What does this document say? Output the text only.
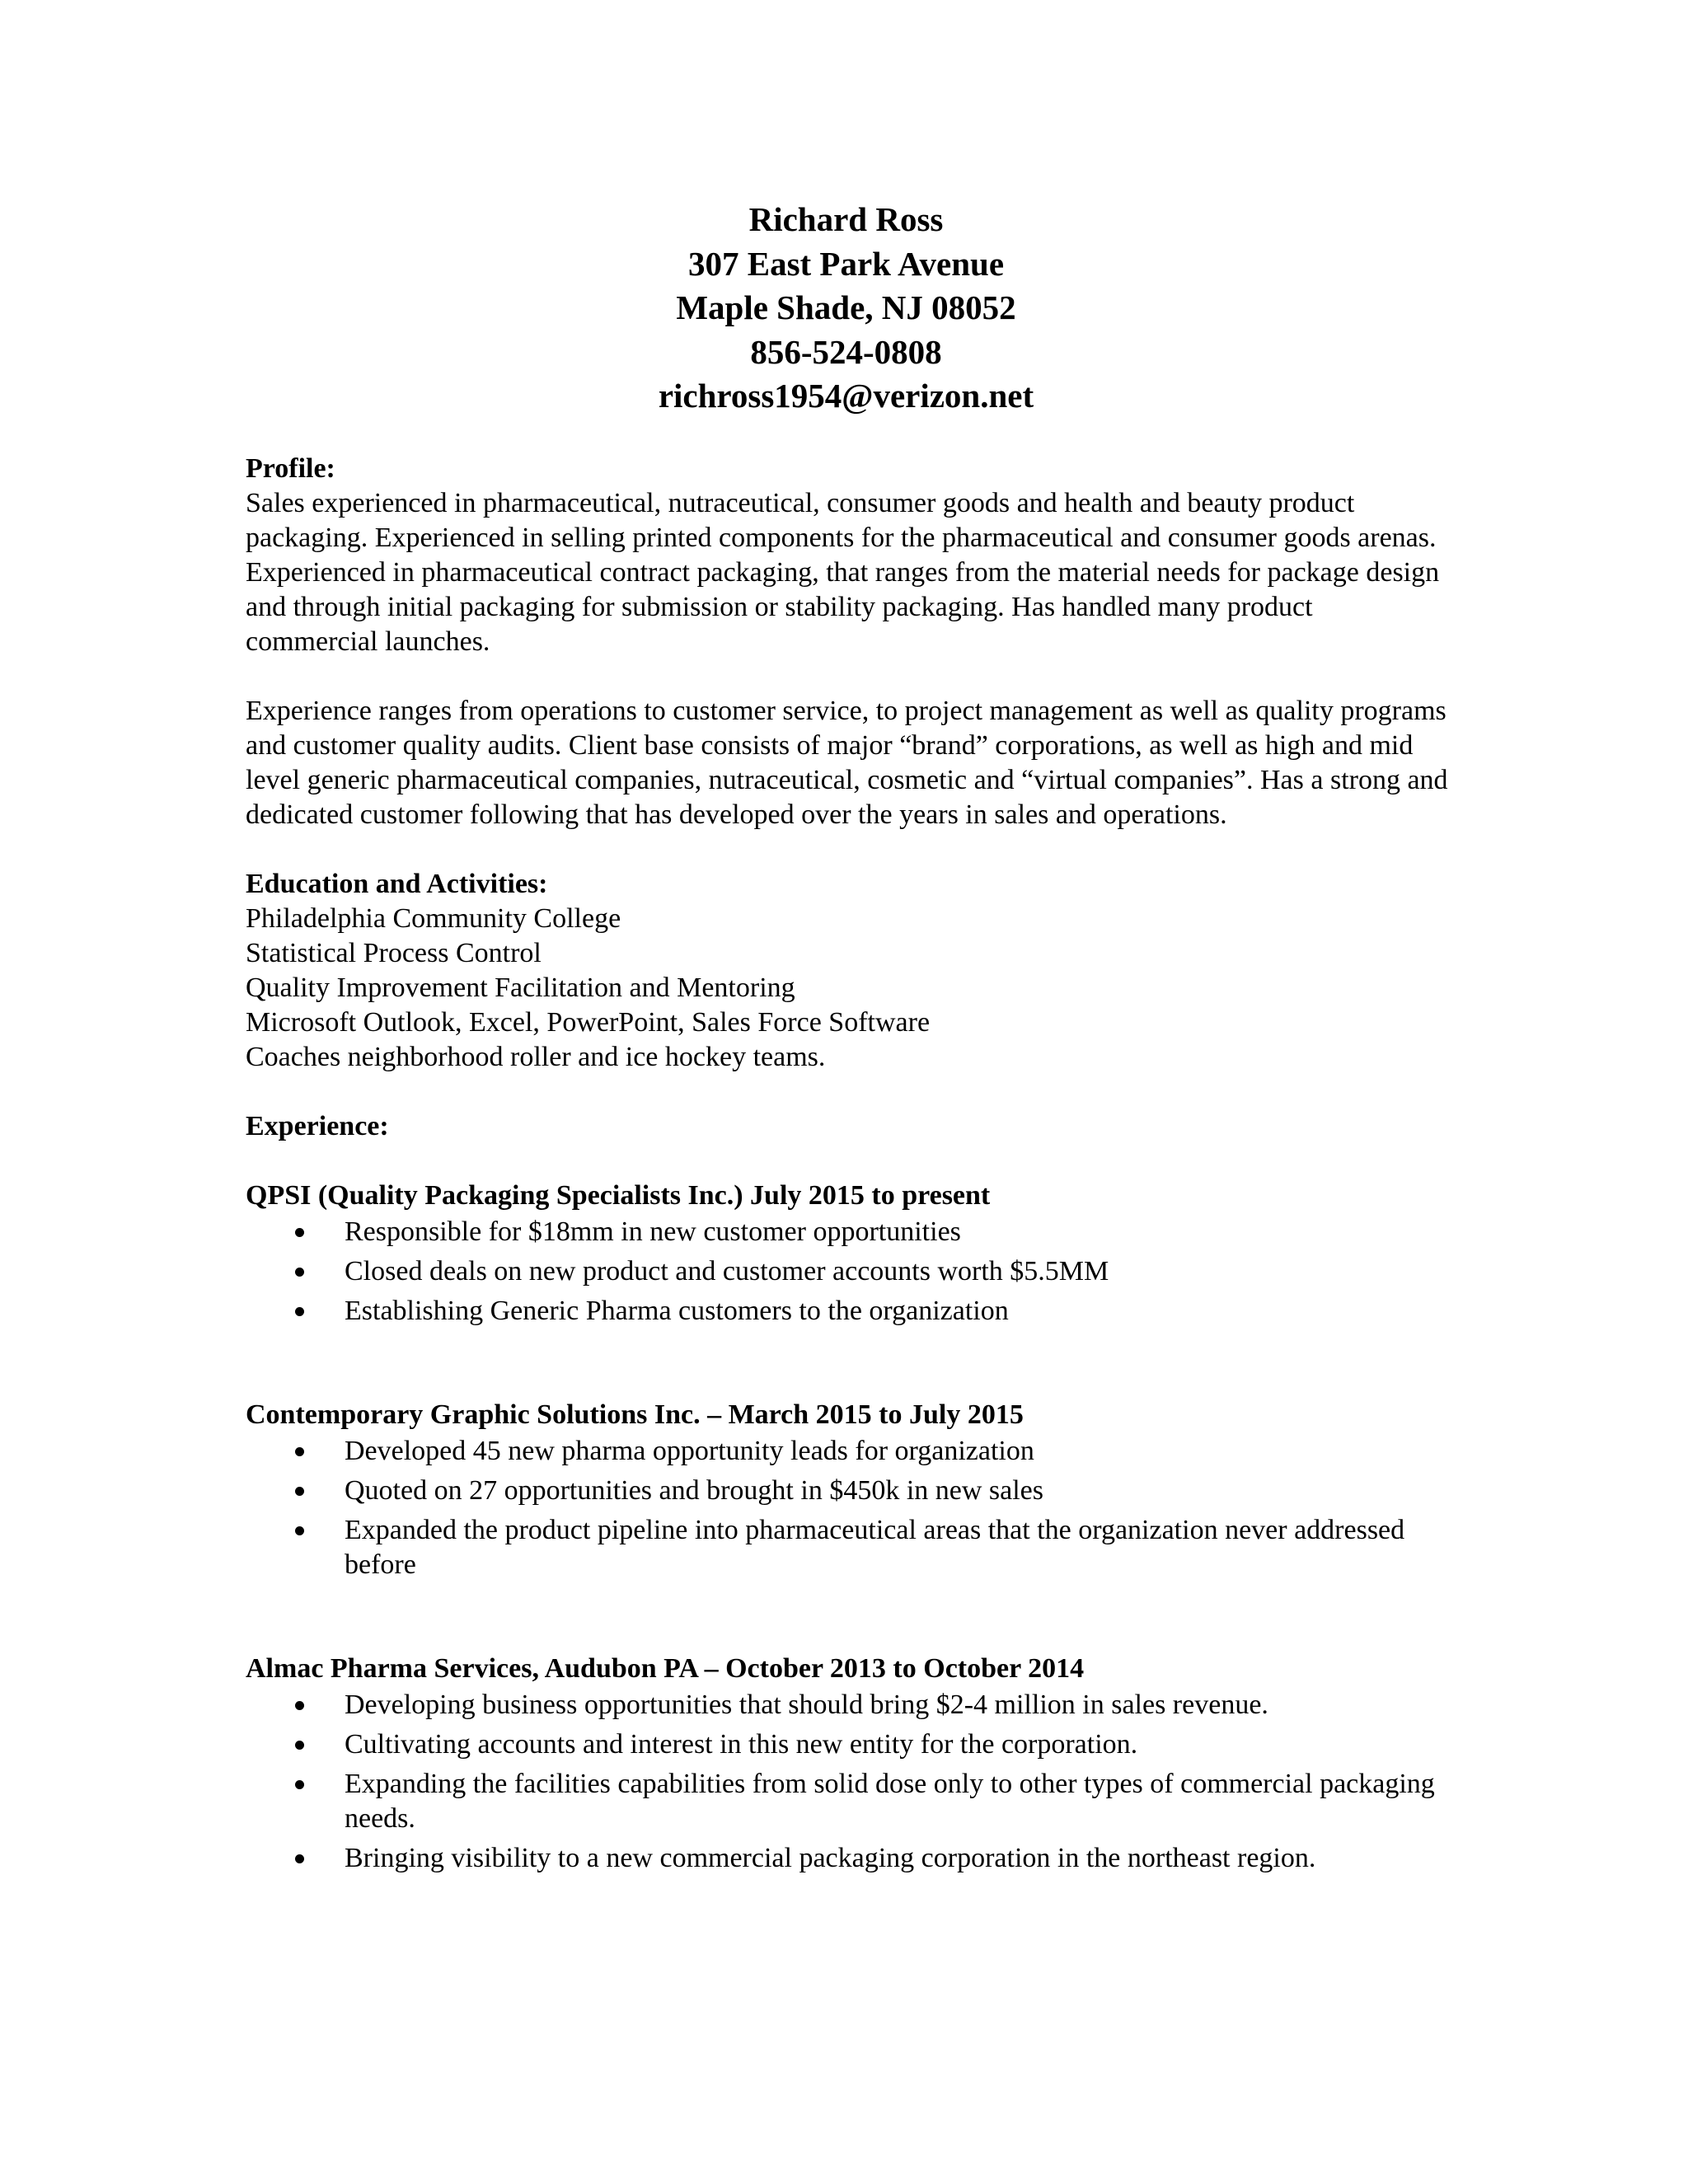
Richard Ross
307 East Park Avenue
Maple Shade, NJ 08052
856-524-0808
richross1954@verizon.net
Profile:

Sales experienced in pharmaceutical, nutraceutical, consumer goods and health and beauty product packaging. Experienced in selling printed components for the pharmaceutical and consumer goods arenas. Experienced in pharmaceutical contract packaging, that ranges from the material needs for package design and through initial packaging for submission or stability packaging. Has handled many product commercial launches.

Experience ranges from operations to customer service, to project management as well as quality programs and customer quality audits. Client base consists of major “brand” corporations, as well as high and mid level generic pharmaceutical companies, nutraceutical, cosmetic and “virtual companies”. Has a strong and dedicated customer following that has developed over the years in sales and operations.

Education and Activities:
Philadelphia Community College
Statistical Process Control
Quality Improvement Facilitation and Mentoring
Microsoft Outlook, Excel, PowerPoint, Sales Force Software
Coaches neighborhood roller and ice hockey teams.
Experience:
QPSI (Quality Packaging Specialists Inc.) July 2015 to present
Responsible for $18mm in new customer opportunities
Closed deals on new product and customer accounts worth $5.5MM
Establishing Generic Pharma customers to the organization
Contemporary Graphic Solutions Inc. – March 2015 to July 2015
Developed 45 new pharma opportunity leads for organization
Quoted on 27 opportunities and brought in $450k in new sales
Expanded the product pipeline into pharmaceutical areas that the organization never addressed before
Almac Pharma Services, Audubon PA – October 2013 to October 2014
Developing business opportunities that should bring $2-4 million in sales revenue.
Cultivating accounts and interest in this new entity for the corporation.
Expanding the facilities capabilities from solid dose only to other types of commercial packaging needs.
Bringing visibility to a new commercial packaging corporation in the northeast region.
